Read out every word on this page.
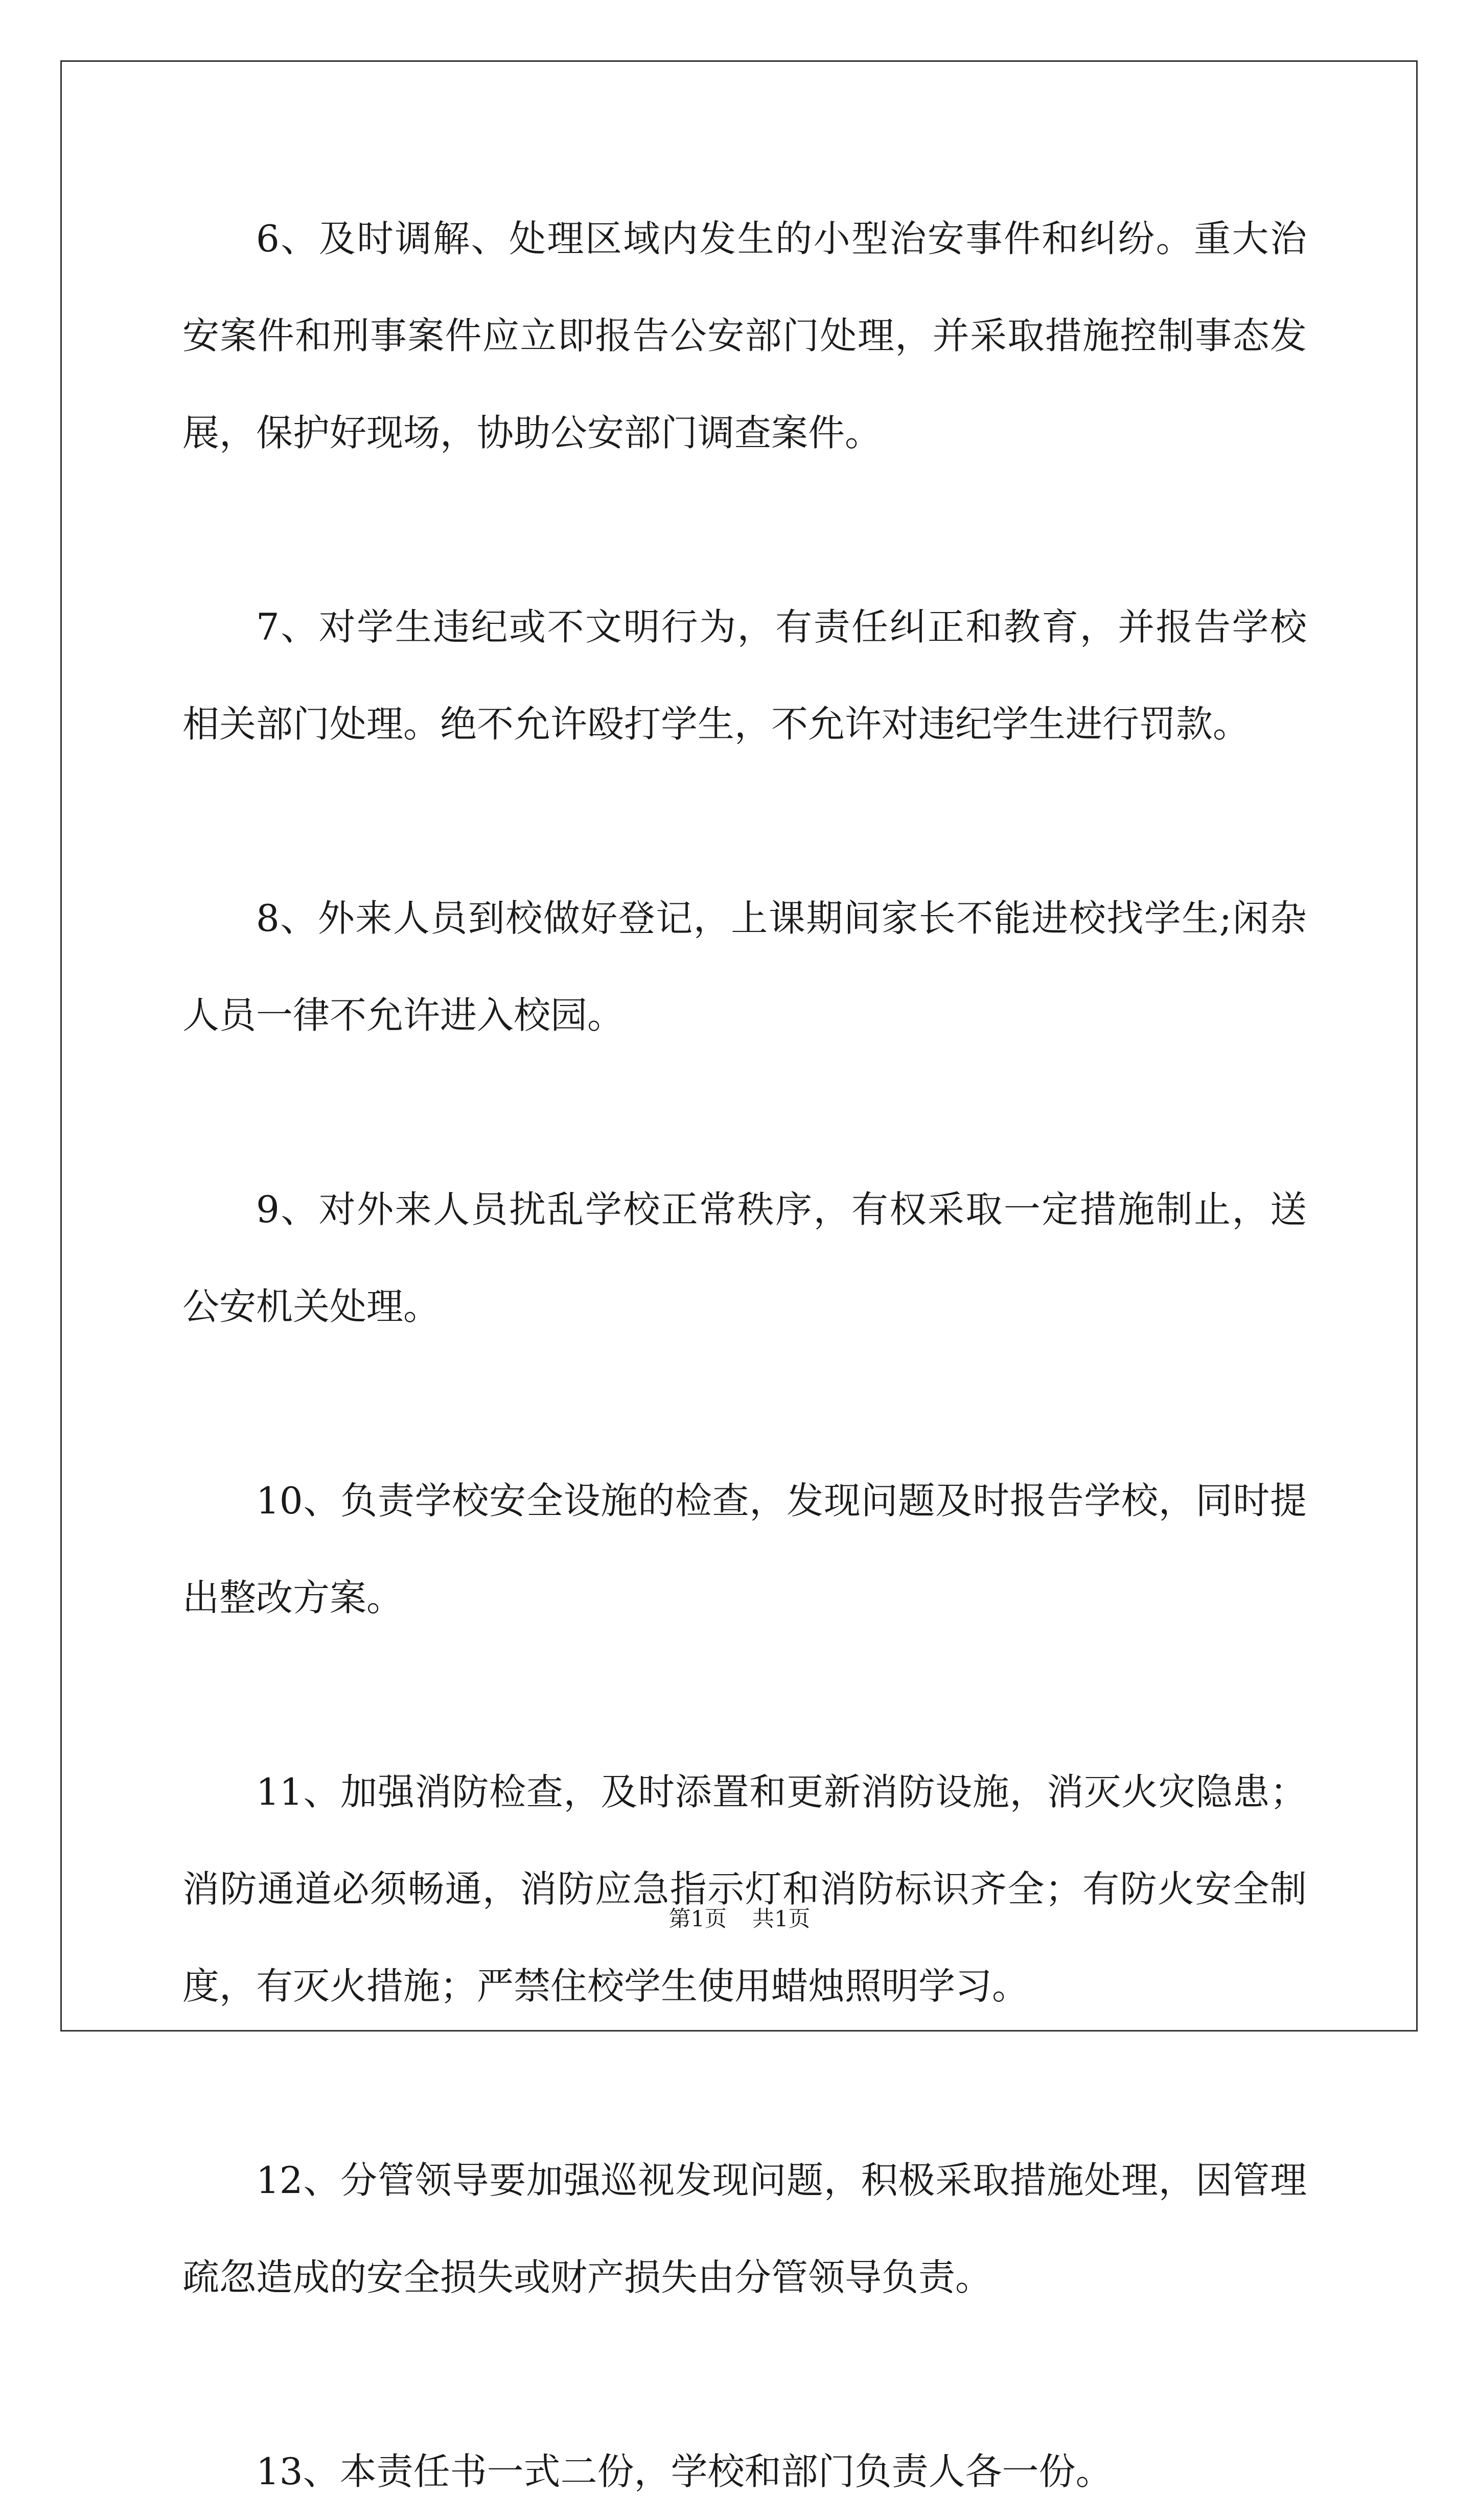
6、及时调解、处理区域内发生的小型治安事件和纠纷。重大治安案件和刑事案件应立即报告公安部门处理，并采取措施控制事态发展，保护好现场，协助公安部门调查案件。

7、对学生违纪或不文明行为，有责任纠正和教育，并报告学校相关部门处理。绝不允许殴打学生，不允许对违纪学生进行罚款。

8、外来人员到校做好登记，上课期间家长不能进校找学生;闲杂人员一律不允许进入校园。

9、对外来人员扰乱学校正常秩序，有权采取一定措施制止，送公安机关处理。

10、负责学校安全设施的检查，发现问题及时报告学校，同时提出整改方案。

11、加强消防检查，及时添置和更新消防设施，消灭火灾隐患；消防通道必须畅通，消防应急指示灯和消防标识齐全；有防火安全制度，有灭火措施；严禁住校学生使用蜡烛照明学习。

12、分管领导要加强巡视发现问题，积极采取措施处理，因管理疏忽造成的安全损失或财产损失由分管领导负责。

13、本责任书一式二份，学校和部门负责人各一份。

第1页 共1页
